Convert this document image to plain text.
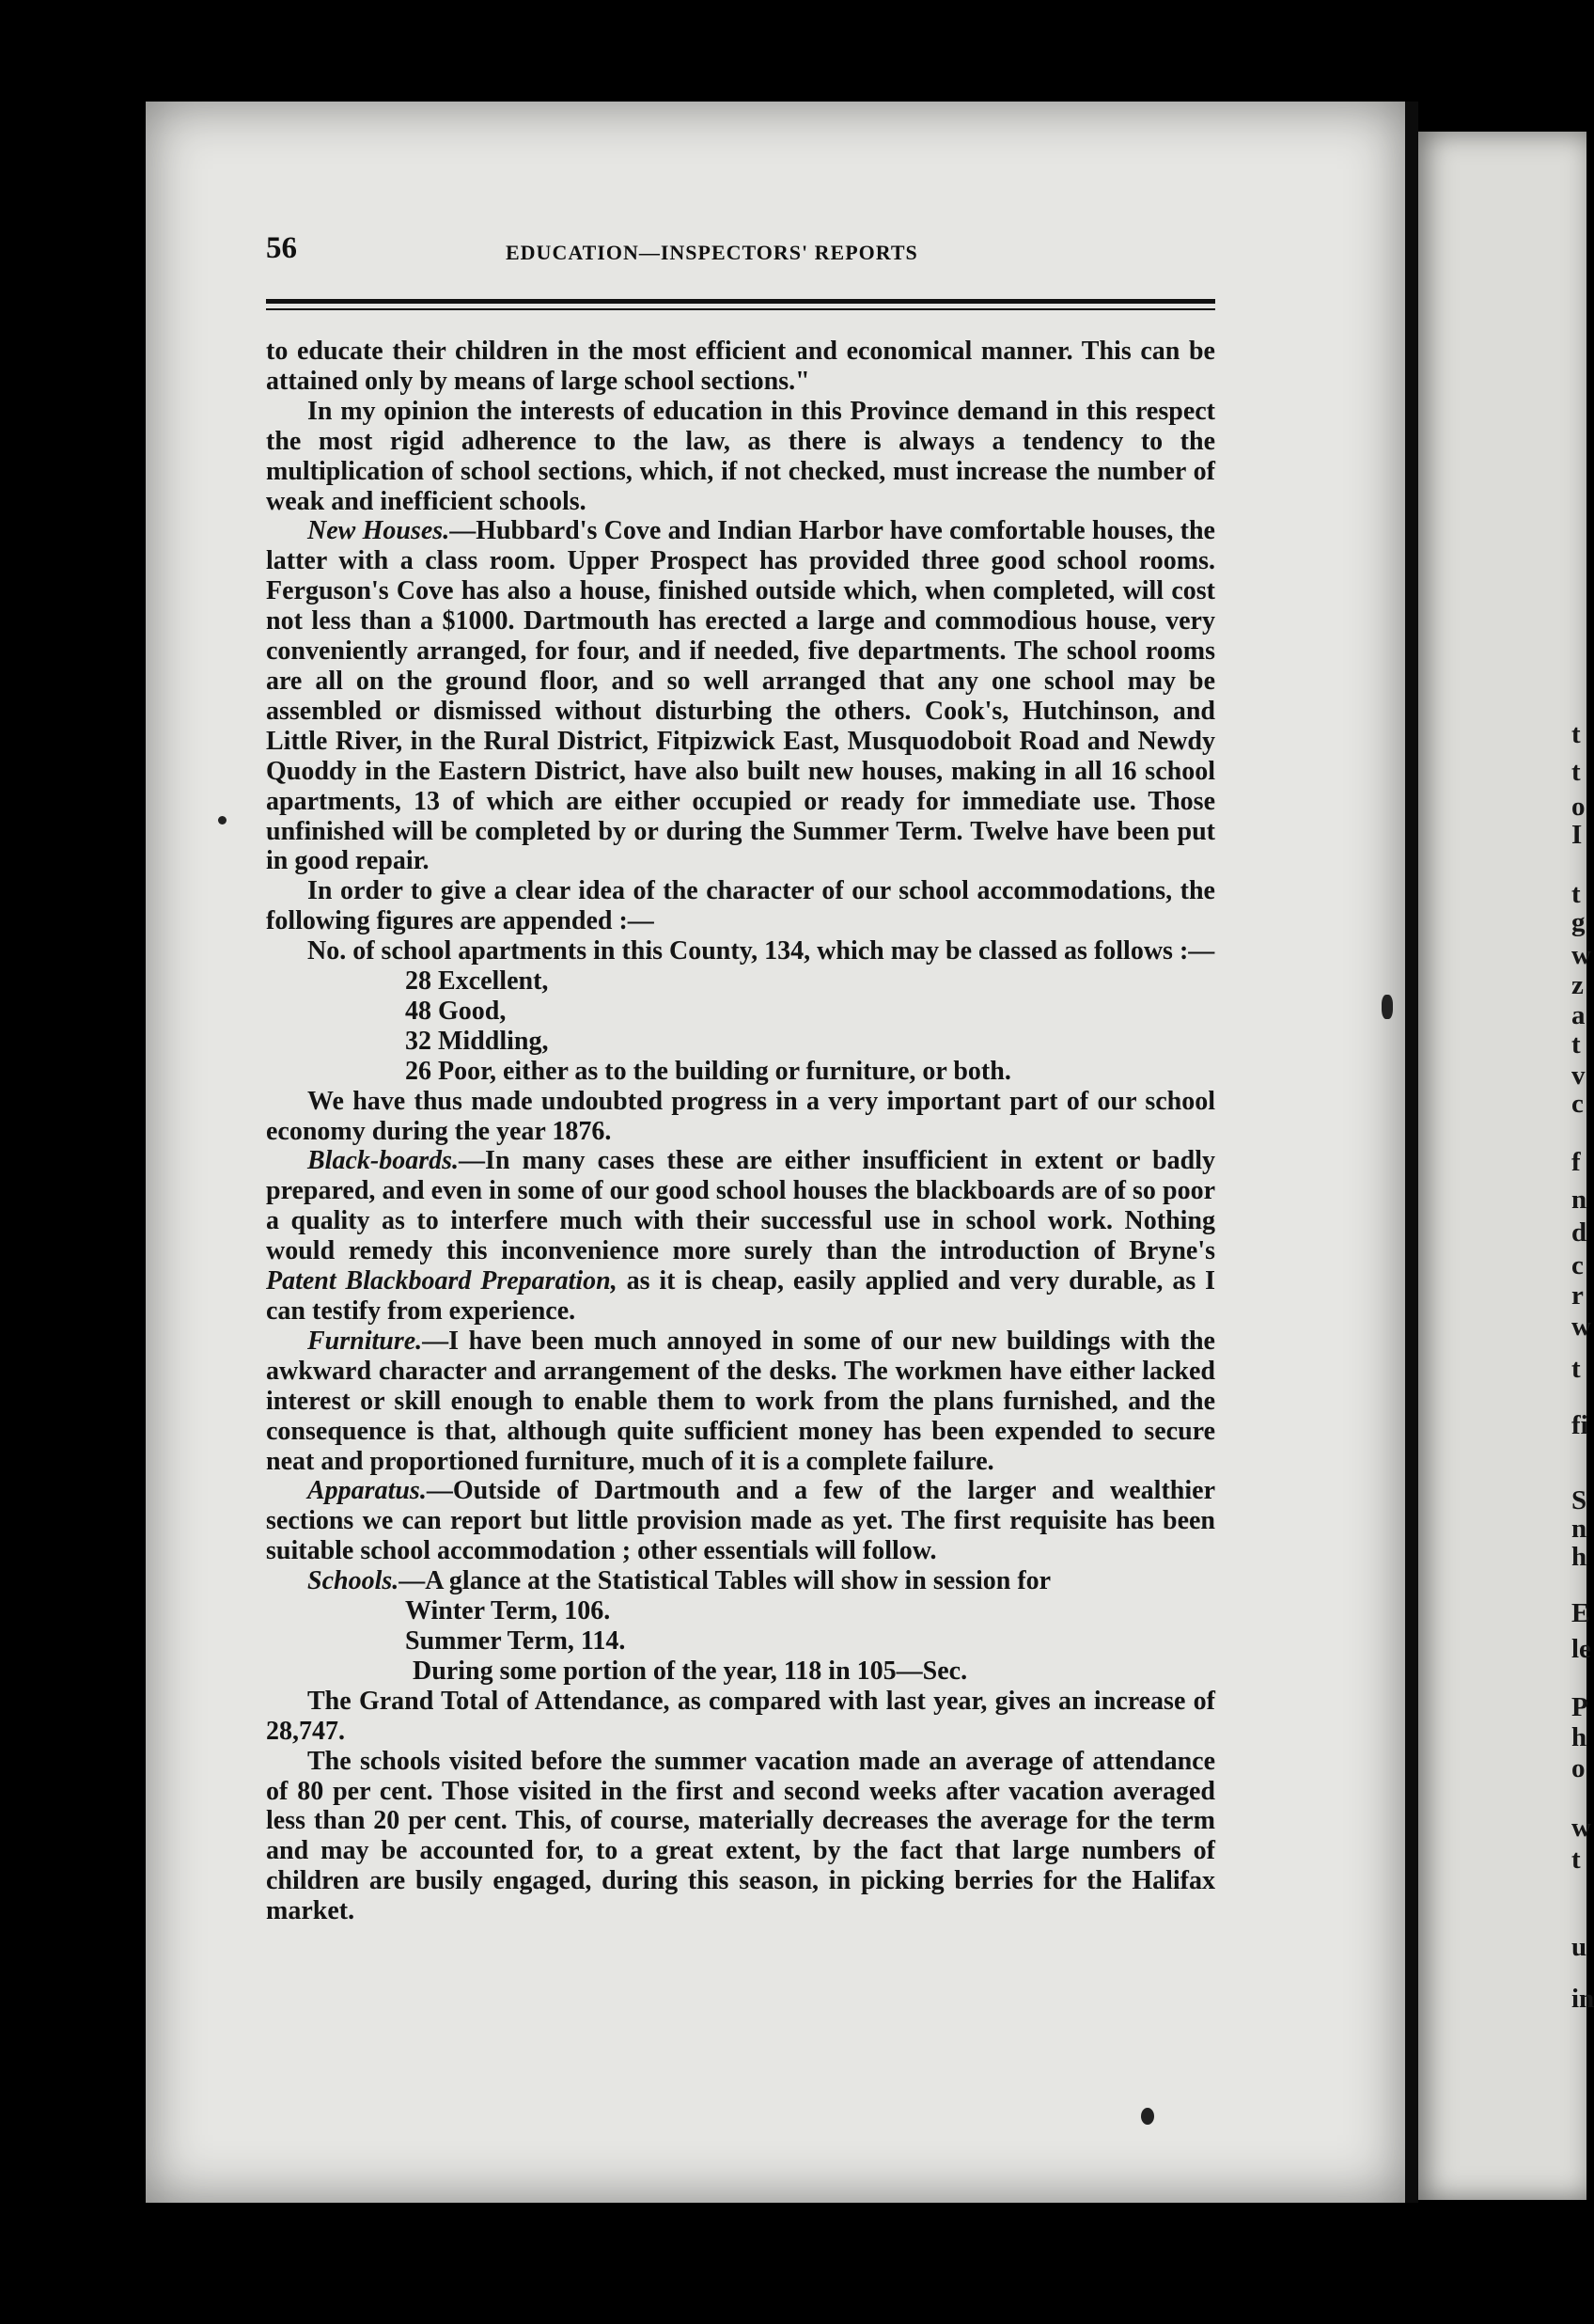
t
t
o
I
t
g
w
z
a
t
v
c
f
n
d
c
r
w
t
fi
S
n
h
E
le
P
h
o
w
t
u
in
56	EDUCATION—INSPECTORS' REPORTS

to educate their children in the most efficient and economical manner. This can be attained only by means of large school sections."

In my opinion the interests of education in this Province demand in this respect the most rigid adherence to the law, as there is always a tendency to the multiplication of school sections, which, if not checked, must increase the number of weak and inefficient schools.

New Houses.—Hubbard's Cove and Indian Harbor have comfortable houses, the latter with a class room. Upper Prospect has provided three good school rooms. Ferguson's Cove has also a house, finished outside which, when completed, will cost not less than a $1000. Dartmouth has erected a large and commodious house, very conveniently arranged, for four, and if needed, five departments. The school rooms are all on the ground floor, and so well arranged that any one school may be assembled or dismissed without disturbing the others. Cook's, Hutchinson, and Little River, in the Rural District, Fitpizwick East, Musquodoboit Road and Newdy Quoddy in the Eastern District, have also built new houses, making in all 16 school apartments, 13 of which are either occupied or ready for immediate use. Those unfinished will be completed by or during the Summer Term. Twelve have been put in good repair.

In order to give a clear idea of the character of our school accommodations, the following figures are appended :—

No. of school apartments in this County, 134, which may be classed as follows :—

28 Excellent,
48 Good,
32 Middling,
26 Poor, either as to the building or furniture, or both.

We have thus made undoubted progress in a very important part of our school economy during the year 1876.

Black-boards.—In many cases these are either insufficient in extent or badly prepared, and even in some of our good school houses the blackboards are of so poor a quality as to interfere much with their successful use in school work. Nothing would remedy this inconvenience more surely than the introduction of Bryne's Patent Blackboard Preparation, as it is cheap, easily applied and very durable, as I can testify from experience.

Furniture.—I have been much annoyed in some of our new buildings with the awkward character and arrangement of the desks. The workmen have either lacked interest or skill enough to enable them to work from the plans furnished, and the consequence is that, although quite sufficient money has been expended to secure neat and proportioned furniture, much of it is a complete failure.

Apparatus.—Outside of Dartmouth and a few of the larger and wealthier sections we can report but little provision made as yet. The first requisite has been suitable school accommodation ; other essentials will follow.

Schools.—A glance at the Statistical Tables will show in session for

Winter Term, 106.
Summer Term, 114.
During some portion of the year, 118 in 105—Sec.

The Grand Total of Attendance, as compared with last year, gives an increase of 28,747.

The schools visited before the summer vacation made an average of attendance of 80 per cent. Those visited in the first and second weeks after vacation averaged less than 20 per cent. This, of course, materially decreases the average for the term and may be accounted for, to a great extent, by the fact that large numbers of children are busily engaged, during this season, in picking berries for the Halifax market.
